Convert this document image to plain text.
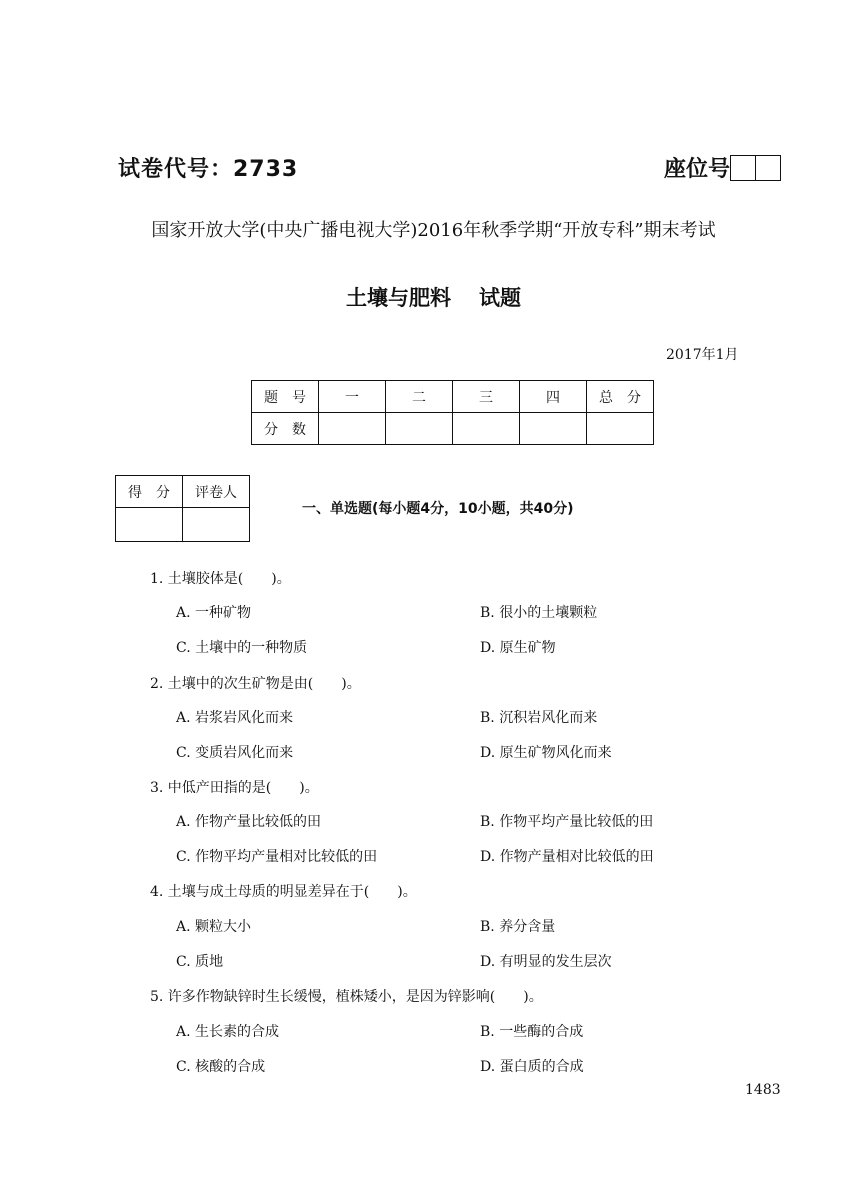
试卷代号：2733	座位号
国家开放大学(中央广播电视大学)2016年秋季学期“开放专科”期末考试
土壤与肥料 试题
2017年1月
题　号	一	二	三	四	总　分
分　数					
得　分	评卷人

一、单选题(每小题4分，10小题，共40分)
1. 土壤胶体是(　　)。
A. 一种矿物	B. 很小的土壤颗粒
C. 土壤中的一种物质	D. 原生矿物
2. 土壤中的次生矿物是由(　　)。
A. 岩浆岩风化而来	B. 沉积岩风化而来
C. 变质岩风化而来	D. 原生矿物风化而来
3. 中低产田指的是(　　)。
A. 作物产量比较低的田	B. 作物平均产量比较低的田
C. 作物平均产量相对比较低的田	D. 作物产量相对比较低的田
4. 土壤与成土母质的明显差异在于(　　)。
A. 颗粒大小	B. 养分含量
C. 质地	D. 有明显的发生层次
5. 许多作物缺锌时生长缓慢，植株矮小，是因为锌影响(　　)。
A. 生长素的合成	B. 一些酶的合成
C. 核酸的合成	D. 蛋白质的合成
1483
